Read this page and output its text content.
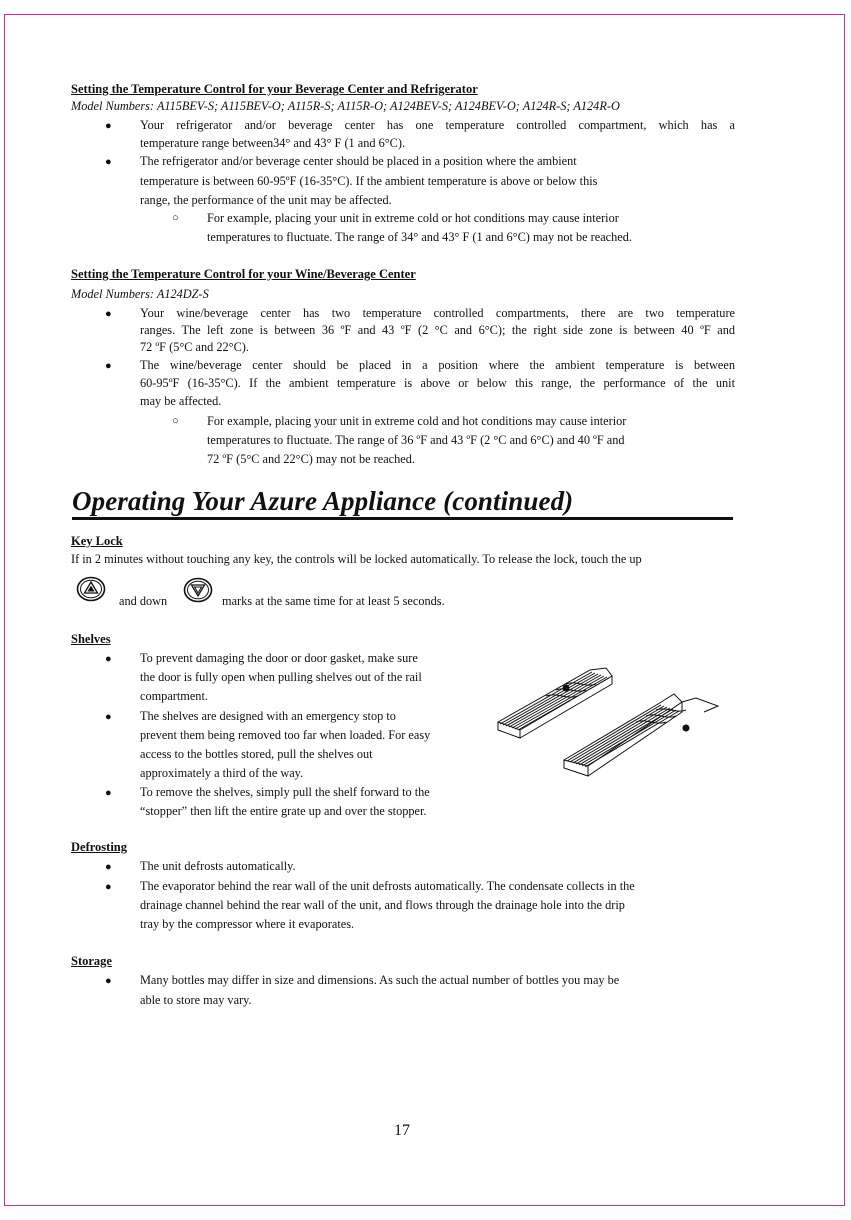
Setting the Temperature Control for your Beverage Center and Refrigerator

Model Numbers: A115BEV-S; A115BEV-O; A115R-S; A115R-O; A124BEV-S; A124BEV-O; A124R-S; A124R-O

● Your refrigerator and/or beverage center has one temperature controlled compartment, which has a
temperature range between34° and 43° F (1 and 6°C).
● The refrigerator and/or beverage center should be placed in a position where the ambient
temperature is between 60-95ºF (16-35°C). If the ambient temperature is above or below this
range, the performance of the unit may be affected.
○ For example, placing your unit in extreme cold or hot conditions may cause interior
temperatures to fluctuate. The range of 34° and 43° F (1 and 6°C) may not be reached.

Setting the Temperature Control for your Wine/Beverage Center

Model Numbers: A124DZ-S

● Your wine/beverage center has two temperature controlled compartments, there are two temperature
ranges. The left zone is between 36 ºF and 43 ºF (2 °C and 6°C); the right side zone is between 40 ºF and
72 ºF (5°C and 22°C).
● The wine/beverage center should be placed in a position where the ambient temperature is between
60-95ºF (16-35°C). If the ambient temperature is above or below this range, the performance of the unit
may be affected.
○ For example, placing your unit in extreme cold and hot conditions may cause interior
temperatures to fluctuate. The range of 36 ºF and 43 ºF (2 °C and 6°C) and 40 ºF and
72 ºF (5°C and 22°C) may not be reached.
Operating Your Azure Appliance (continued)

Key Lock

If in 2 minutes without touching any key, the controls will be locked automatically. To release the lock, touch the up
and down	marks at the same time for at least 5 seconds.

Shelves

● To prevent damaging the door or door gasket, make sure
the door is fully open when pulling shelves out of the rail
compartment.
● The shelves are designed with an emergency stop to
prevent them being removed too far when loaded. For easy
access to the bottles stored, pull the shelves out
approximately a third of the way.
● To remove the shelves, simply pull the shelf forward to the
“stopper” then lift the entire grate up and over the stopper.

Defrosting

● The unit defrosts automatically.
● The evaporator behind the rear wall of the unit defrosts automatically. The condensate collects in the
drainage channel behind the rear wall of the unit, and flows through the drainage hole into the drip
tray by the compressor where it evaporates.

Storage

● Many bottles may differ in size and dimensions. As such the actual number of bottles you may be
able to store may vary.
17
